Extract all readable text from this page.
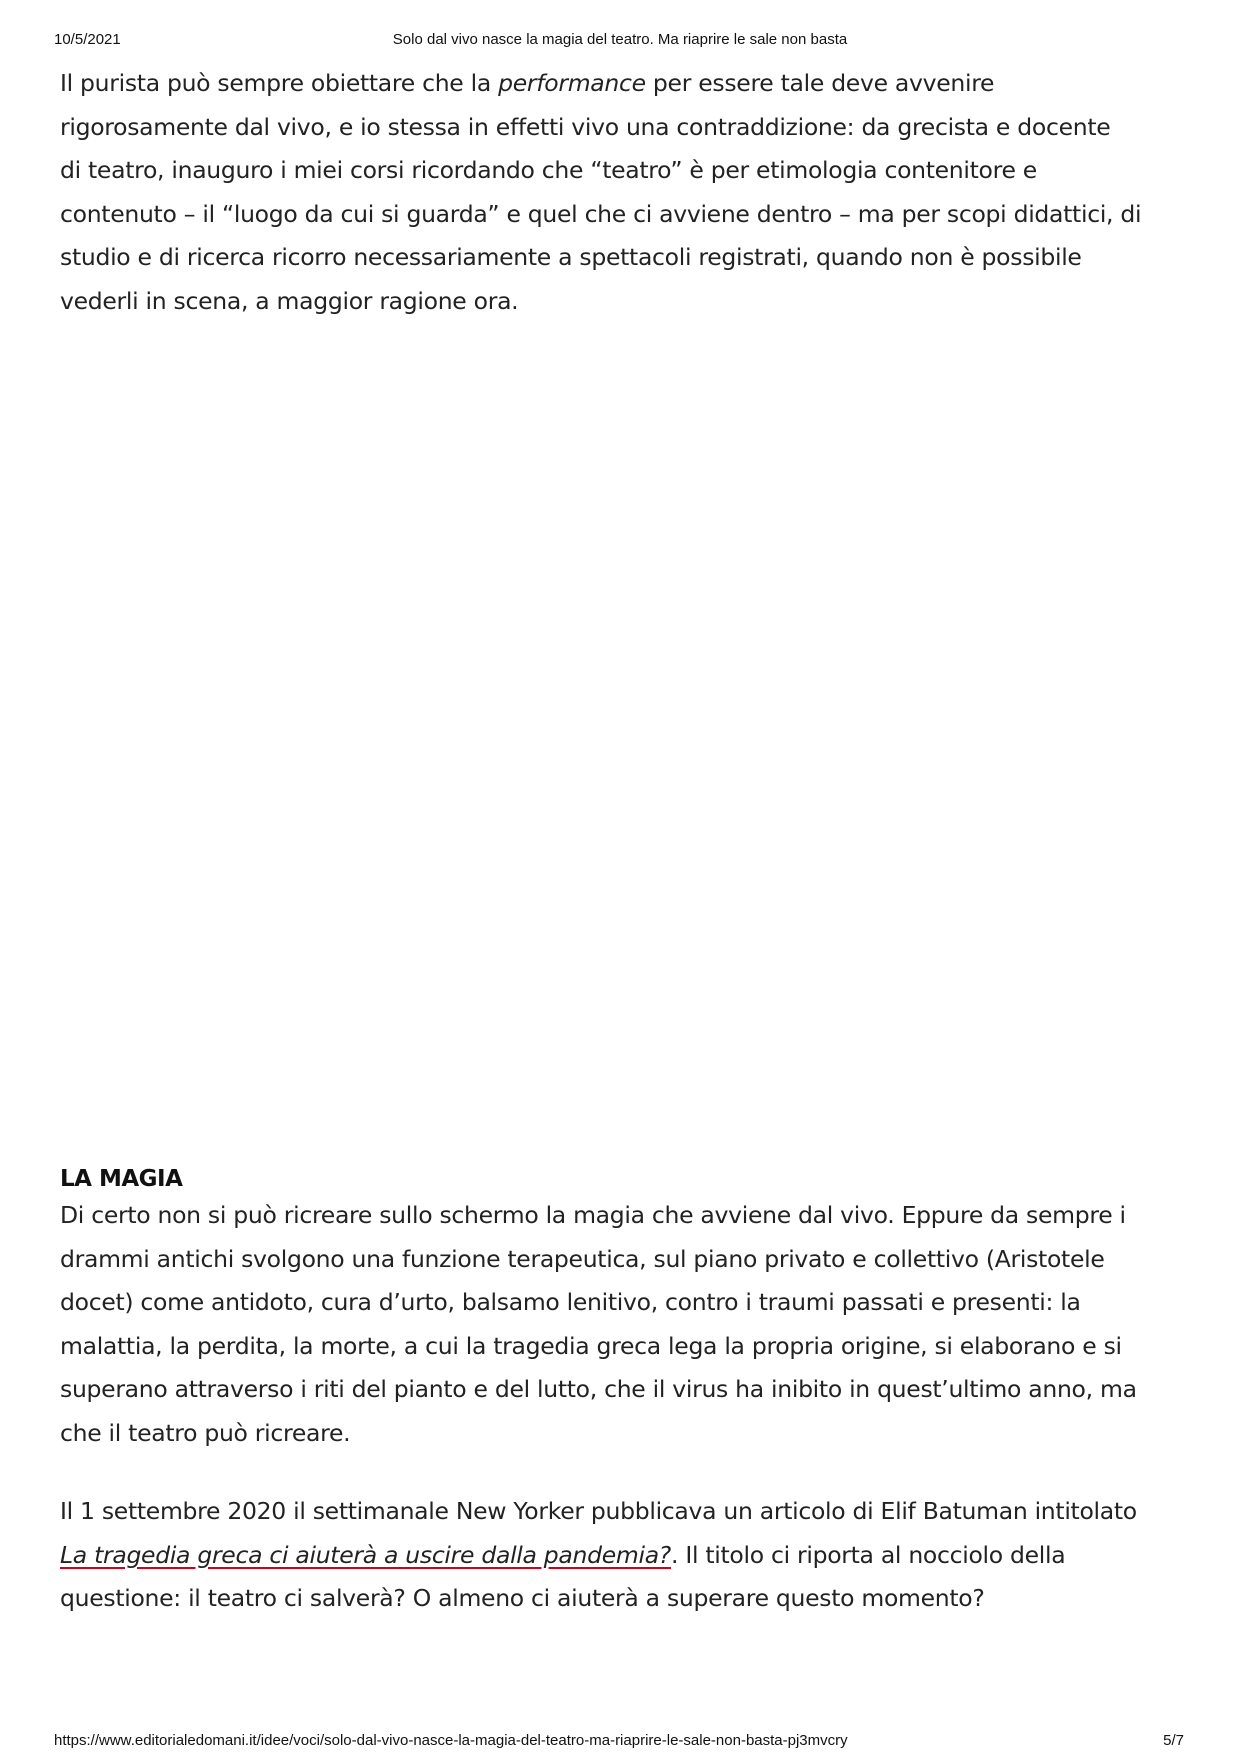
10/5/2021	Solo dal vivo nasce la magia del teatro. Ma riaprire le sale non basta

Il purista può sempre obiettare che la performance per essere tale deve avvenire
rigorosamente dal vivo, e io stessa in effetti vivo una contraddizione: da grecista e docente
di teatro, inauguro i miei corsi ricordando che “teatro” è per etimologia contenitore e
contenuto – il “luogo da cui si guarda” e quel che ci avviene dentro – ma per scopi didattici, di
studio e di ricerca ricorro necessariamente a spettacoli registrati, quando non è possibile
vederli in scena, a maggior ragione ora.

LA MAGIA

Di certo non si può ricreare sullo schermo la magia che avviene dal vivo. Eppure da sempre i
drammi antichi svolgono una funzione terapeutica, sul piano privato e collettivo (Aristotele
docet) come antidoto, cura d’urto, balsamo lenitivo, contro i traumi passati e presenti: la
malattia, la perdita, la morte, a cui la tragedia greca lega la propria origine, si elaborano e si
superano attraverso i riti del pianto e del lutto, che il virus ha inibito in quest’ultimo anno, ma
che il teatro può ricreare.

Il 1 settembre 2020 il settimanale New Yorker pubblicava un articolo di Elif Batuman intitolato
La tragedia greca ci aiuterà a uscire dalla pandemia?. Il titolo ci riporta al nocciolo della
questione: il teatro ci salverà? O almeno ci aiuterà a superare questo momento?

https://www.editorialedomani.it/idee/voci/solo-dal-vivo-nasce-la-magia-del-teatro-ma-riaprire-le-sale-non-basta-pj3mvcry	5/7
